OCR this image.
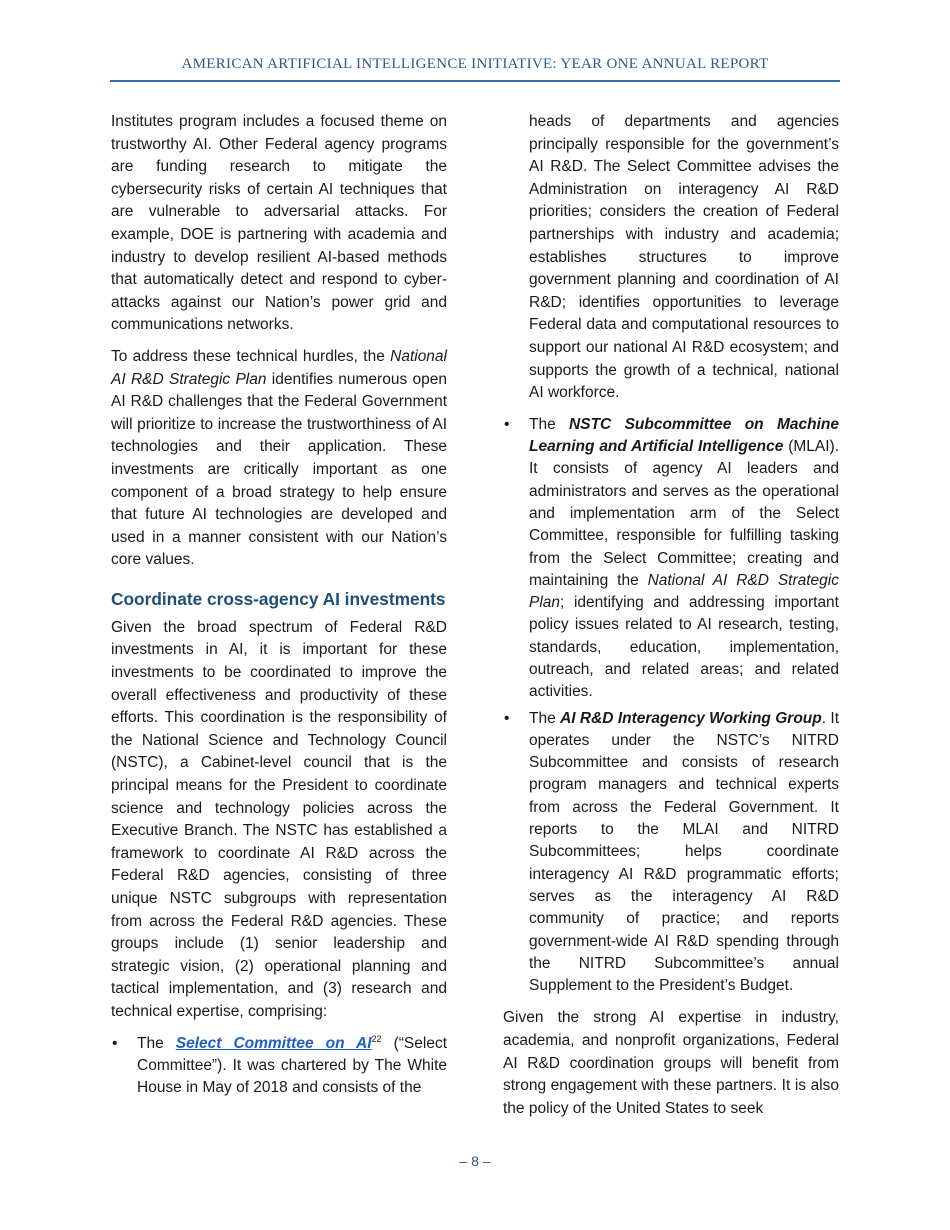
AMERICAN ARTIFICIAL INTELLIGENCE INITIATIVE: YEAR ONE ANNUAL REPORT

Institutes program includes a focused theme on trustworthy AI. Other Federal agency programs are funding research to mitigate the cybersecurity risks of certain AI techniques that are vulnerable to adversarial attacks. For example, DOE is partnering with academia and industry to develop resilient AI-based methods that automatically detect and respond to cyber-attacks against our Nation’s power grid and communications networks.

To address these technical hurdles, the National AI R&D Strategic Plan identifies numerous open AI R&D challenges that the Federal Government will prioritize to increase the trustworthiness of AI technologies and their application. These investments are critically important as one component of a broad strategy to help ensure that future AI technologies are developed and used in a manner consistent with our Nation’s core values.

Coordinate cross-agency AI investments

Given the broad spectrum of Federal R&D investments in AI, it is important for these investments to be coordinated to improve the overall effectiveness and productivity of these efforts. This coordination is the responsibility of the National Science and Technology Council (NSTC), a Cabinet-level council that is the principal means for the President to coordinate science and technology policies across the Executive Branch. The NSTC has established a framework to coordinate AI R&D across the Federal R&D agencies, consisting of three unique NSTC subgroups with representation from across the Federal R&D agencies. These groups include (1) senior leadership and strategic vision, (2) operational planning and tactical implementation, and (3) research and technical expertise, comprising:

• The Select Committee on AI$^{22}$ (“Select Committee”). It was chartered by The White House in May of 2018 and consists of the

heads of departments and agencies principally responsible for the government’s AI R&D. The Select Committee advises the Administration on interagency AI R&D priorities; considers the creation of Federal partnerships with industry and academia; establishes structures to improve government planning and coordination of AI R&D; identifies opportunities to leverage Federal data and computational resources to support our national AI R&D ecosystem; and supports the growth of a technical, national AI workforce.

• The NSTC Subcommittee on Machine Learning and Artificial Intelligence (MLAI). It consists of agency AI leaders and administrators and serves as the operational and implementation arm of the Select Committee, responsible for fulfilling tasking from the Select Committee; creating and maintaining the National AI R&D Strategic Plan; identifying and addressing important policy issues related to AI research, testing, standards, education, implementation, outreach, and related areas; and related activities.
• The AI R&D Interagency Working Group. It operates under the NSTC’s NITRD Subcommittee and consists of research program managers and technical experts from across the Federal Government. It reports to the MLAI and NITRD Subcommittees; helps coordinate interagency AI R&D programmatic efforts; serves as the interagency AI R&D community of practice; and reports government-wide AI R&D spending through the NITRD Subcommittee’s annual Supplement to the President’s Budget.

Given the strong AI expertise in industry, academia, and nonprofit organizations, Federal AI R&D coordination groups will benefit from strong engagement with these partners. It is also the policy of the United States to seek

– 8 –
